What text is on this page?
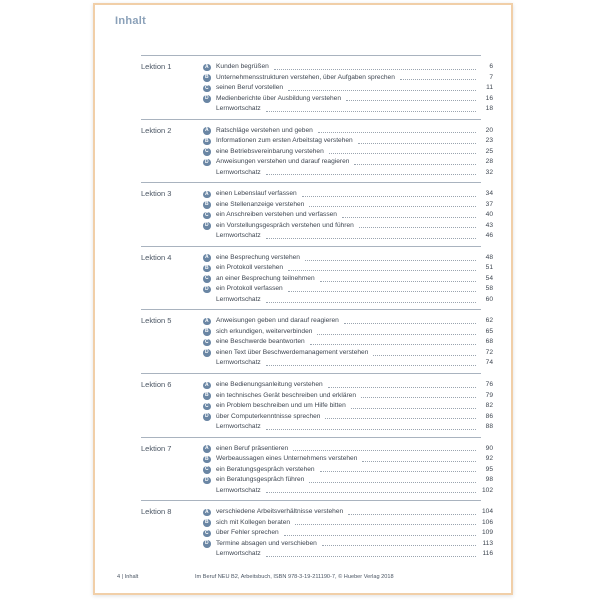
Inhalt
Lektion 1	A Kunden begrüßen	6
B Unternehmensstrukturen verstehen, über Aufgaben sprechen	7
C seinen Beruf vorstellen	11
D Medienberichte über Ausbildung verstehen	16
Lernwortschatz	18
Lektion 2	A Ratschläge verstehen und geben	20
B Informationen zum ersten Arbeitstag verstehen	23
C eine Betriebsvereinbarung verstehen	25
D Anweisungen verstehen und darauf reagieren	28
Lernwortschatz	32
Lektion 3	A einen Lebenslauf verfassen	34
B eine Stellenanzeige verstehen	37
C ein Anschreiben verstehen und verfassen	40
D ein Vorstellungsgespräch verstehen und führen	43
Lernwortschatz	46
Lektion 4	A eine Besprechung verstehen	48
B ein Protokoll verstehen	51
C an einer Besprechung teilnehmen	54
D ein Protokoll verfassen	58
Lernwortschatz	60
Lektion 5	A Anweisungen geben und darauf reagieren	62
B sich erkundigen, weiterverbinden	65
C eine Beschwerde beantworten	68
D einen Text über Beschwerdemanagement verstehen	72
Lernwortschatz	74
Lektion 6	A eine Bedienungsanleitung verstehen	76
B ein technisches Gerät beschreiben und erklären	79
C ein Problem beschreiben und um Hilfe bitten	82
D über Computerkenntnisse sprechen	86
Lernwortschatz	88
Lektion 7	A einen Beruf präsentieren	90
B Werbeaussagen eines Unternehmens verstehen	92
C ein Beratungsgespräch verstehen	95
D ein Beratungsgespräch führen	98
Lernwortschatz	102
Lektion 8	A verschiedene Arbeitsverhältnisse verstehen	104
B sich mit Kollegen beraten	106
C über Fehler sprechen	109
D Termine absagen und verschieben	113
Lernwortschatz	116
4 | Inhalt	Im Beruf NEU B2, Arbeitsbuch, ISBN 978-3-19-211190-7, © Hueber Verlag 2018
